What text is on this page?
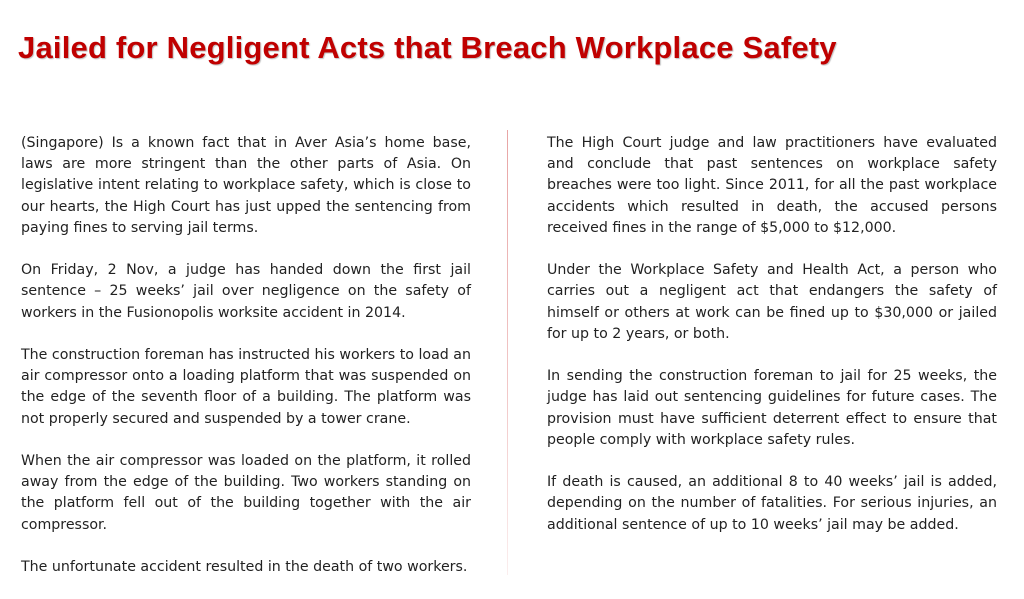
Jailed for Negligent Acts that Breach Workplace Safety

(Singapore) Is a known fact that in Aver Asia’s home base, laws are more stringent than the other parts of Asia. On legislative intent relating to workplace safety, which is close to our hearts, the High Court has just upped the sentencing from paying fines to serving jail terms.

On Friday, 2 Nov, a judge has handed down the first jail sentence – 25 weeks’ jail over negligence on the safety of workers in the Fusionopolis worksite accident in 2014.

The construction foreman has instructed his workers to load an air compressor onto a loading platform that was suspended on the edge of the seventh floor of a building. The platform was not properly secured and suspended by a tower crane.

When the air compressor was loaded on the platform, it rolled away from the edge of the building. Two workers standing on the platform fell out of the building together with the air compressor.

The unfortunate accident resulted in the death of two workers.

The High Court judge and law practitioners have evaluated and conclude that past sentences on workplace safety breaches were too light. Since 2011, for all the past workplace accidents which resulted in death, the accused persons received fines in the range of $5,000 to $12,000.

Under the Workplace Safety and Health Act, a person who carries out a negligent act that endangers the safety of himself or others at work can be fined up to $30,000 or jailed for up to 2 years, or both.

In sending the construction foreman to jail for 25 weeks, the judge has laid out sentencing guidelines for future cases. The provision must have sufficient deterrent effect to ensure that people comply with workplace safety rules.

If death is caused, an additional 8 to 40 weeks’ jail is added, depending on the number of fatalities. For serious injuries, an additional sentence of up to 10 weeks’ jail may be added.
